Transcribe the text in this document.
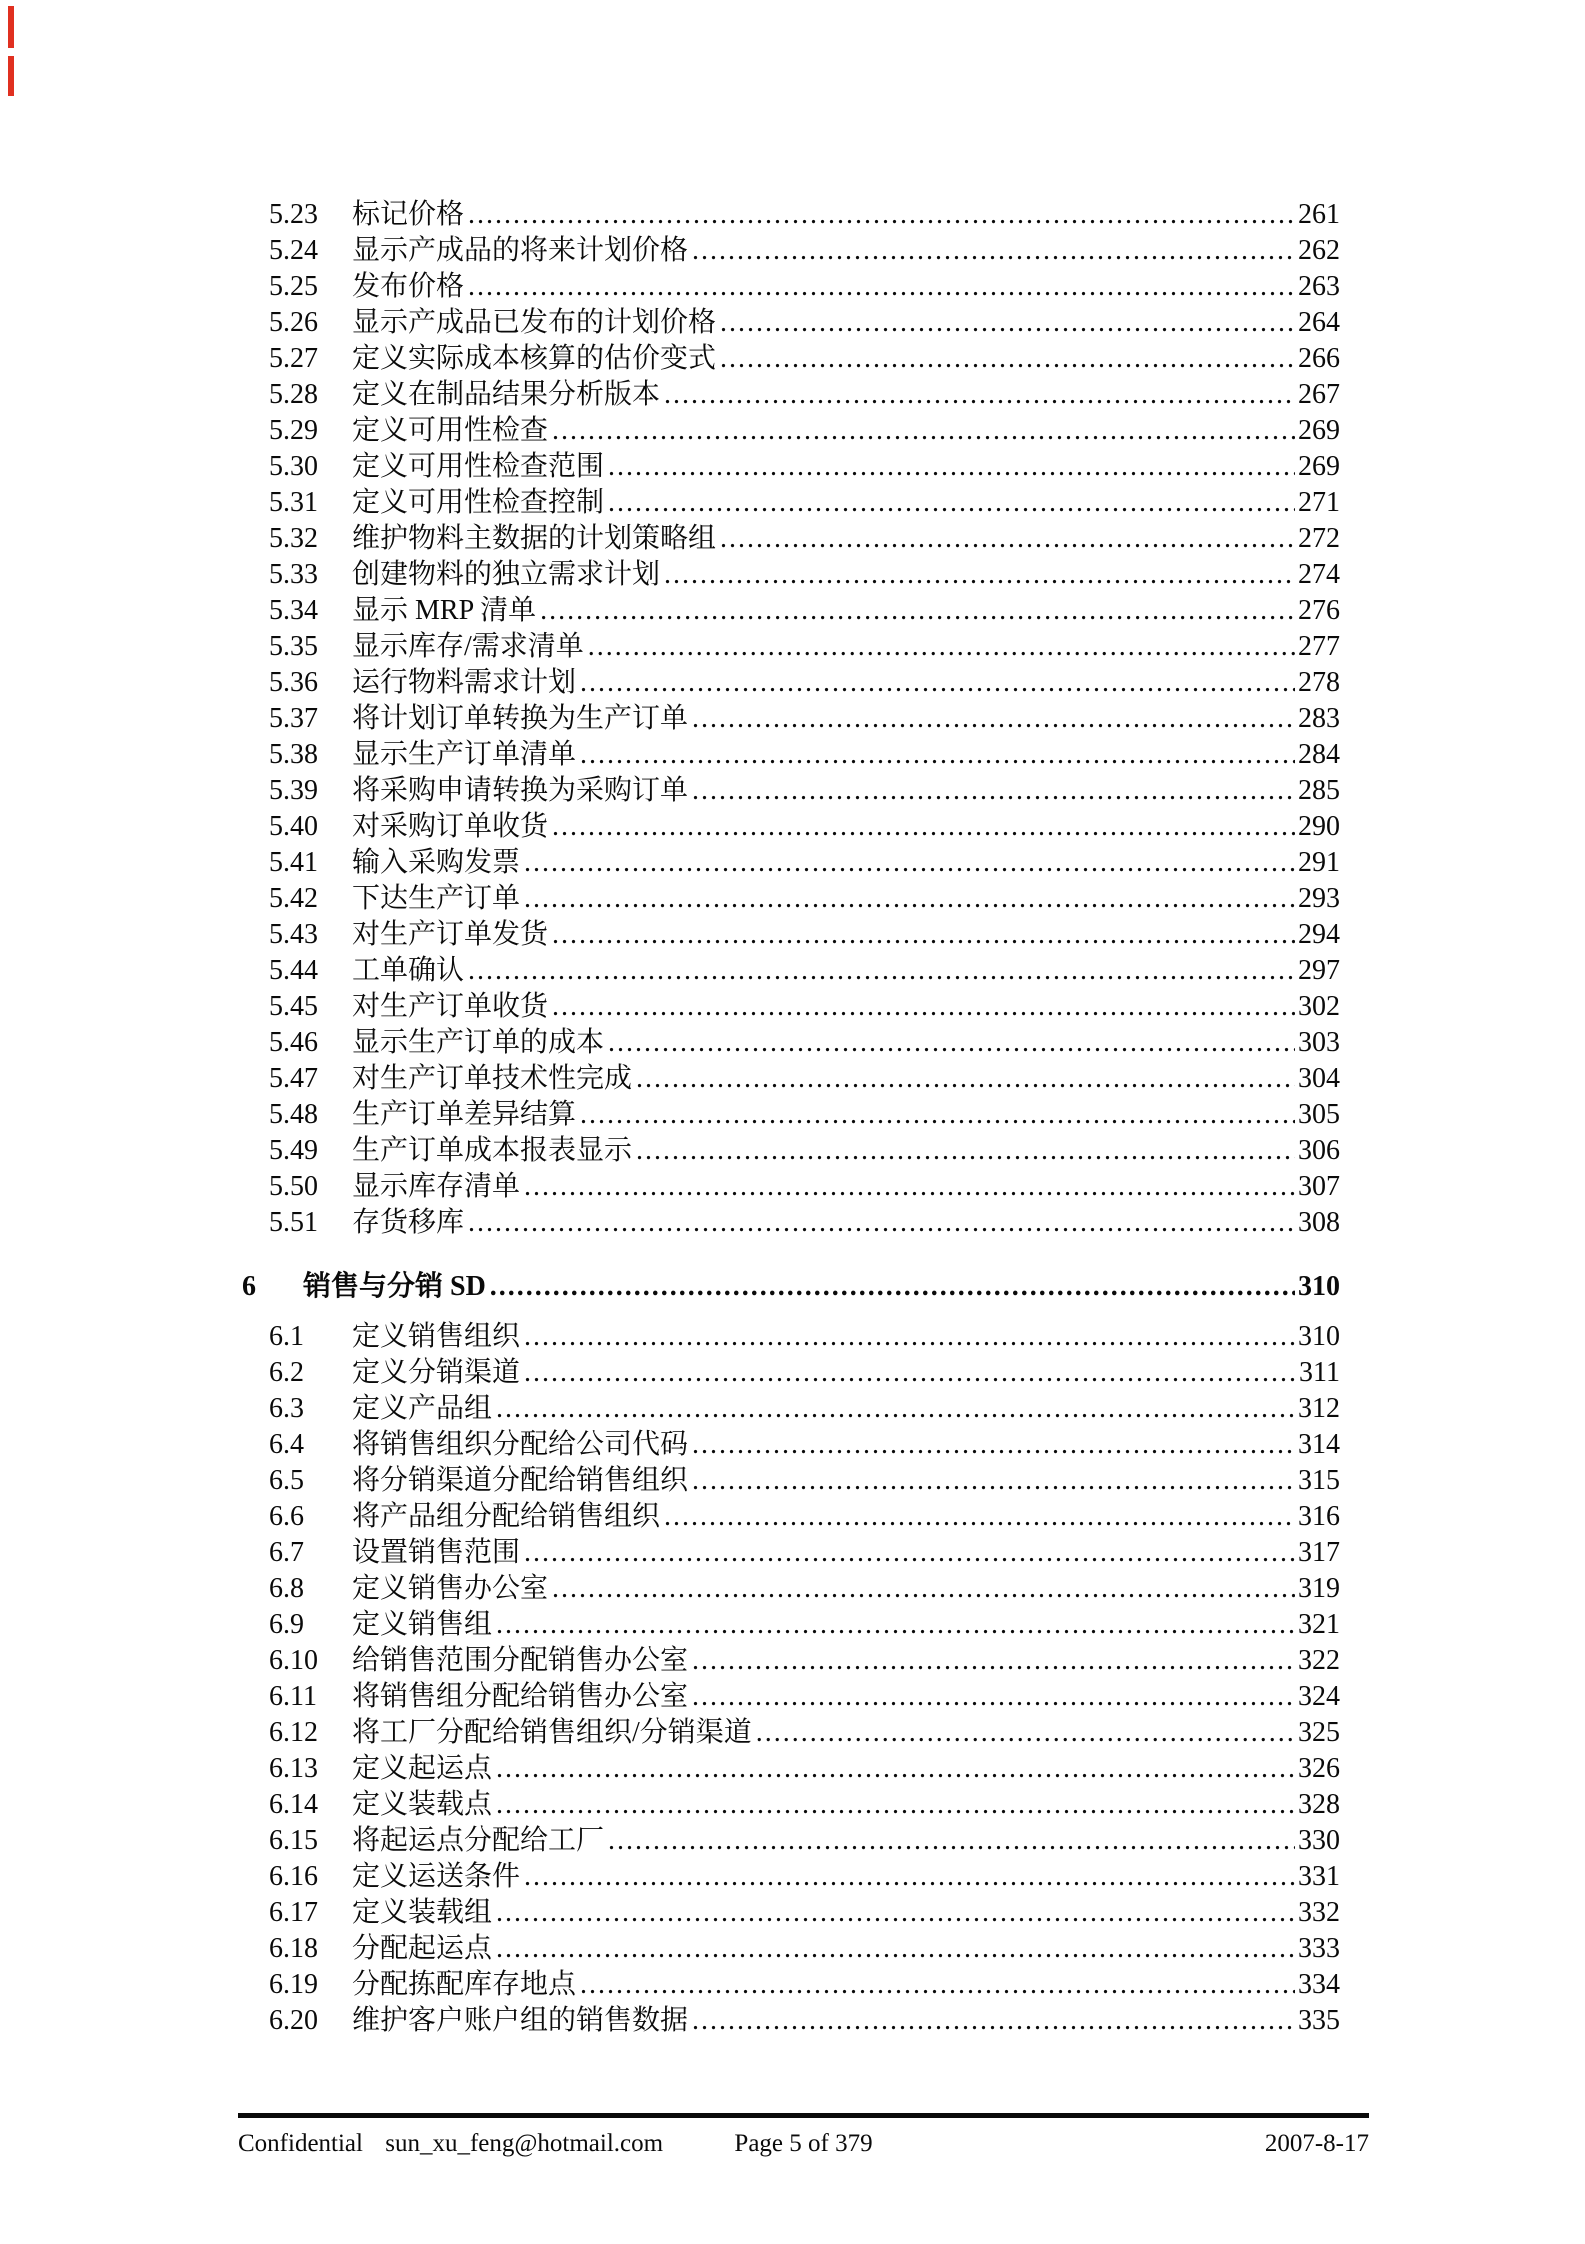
5.23	标记价格 .....	261
5.24	显示产成品的将来计划价格 .....	262
5.25	发布价格 .....	263
5.26	显示产成品已发布的计划价格 .....	264
5.27	定义实际成本核算的估价变式 .....	266
5.28	定义在制品结果分析版本 .....	267
5.29	定义可用性检查 .....	269
5.30	定义可用性检查范围 .....	269
5.31	定义可用性检查控制 .....	271
5.32	维护物料主数据的计划策略组 .....	272
5.33	创建物料的独立需求计划 .....	274
5.34	显示 MRP 清单 .....	276
5.35	显示库存/需求清单 .....	277
5.36	运行物料需求计划 .....	278
5.37	将计划订单转换为生产订单 .....	283
5.38	显示生产订单清单 .....	284
5.39	将采购申请转换为采购订单 .....	285
5.40	对采购订单收货 .....	290
5.41	输入采购发票 .....	291
5.42	下达生产订单 .....	293
5.43	对生产订单发货 .....	294
5.44	工单确认 .....	297
5.45	对生产订单收货 .....	302
5.46	显示生产订单的成本 .....	303
5.47	对生产订单技术性完成 .....	304
5.48	生产订单差异结算 .....	305
5.49	生产订单成本报表显示 .....	306
5.50	显示库存清单 .....	307
5.51	存货移库 .....	308
6	销售与分销 SD .....	310
6.1	定义销售组织 .....	310
6.2	定义分销渠道 .....	311
6.3	定义产品组 .....	312
6.4	将销售组织分配给公司代码 .....	314
6.5	将分销渠道分配给销售组织 .....	315
6.6	将产品组分配给销售组织 .....	316
6.7	设置销售范围 .....	317
6.8	定义销售办公室 .....	319
6.9	定义销售组 .....	321
6.10	给销售范围分配销售办公室 .....	322
6.11	将销售组分配给销售办公室 .....	324
6.12	将工厂分配给销售组织/分销渠道 .....	325
6.13	定义起运点 .....	326
6.14	定义装载点 .....	328
6.15	将起运点分配给工厂 .....	330
6.16	定义运送条件 .....	331
6.17	定义装载组 .....	332
6.18	分配起运点 .....	333
6.19	分配拣配库存地点 .....	334
6.20	维护客户账户组的销售数据 .....	335
Confidential sun_xu_feng@hotmail.com	Page 5 of 379	2007-8-17
